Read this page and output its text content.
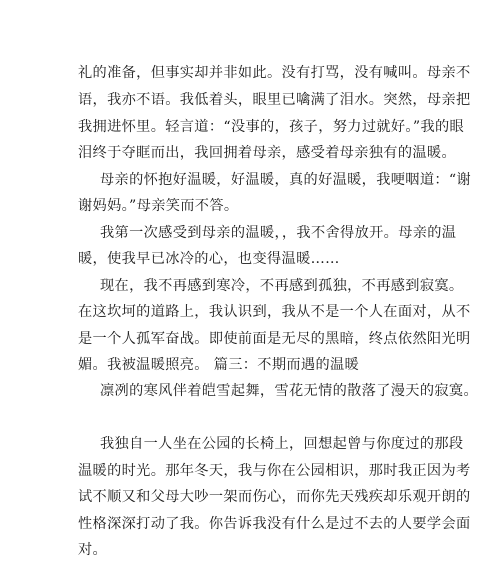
礼的准备，但事实却并非如此。没有打骂，没有喊叫。母亲不
语，我亦不语。我低着头，眼里已噙满了泪水。突然，母亲把
我拥进怀里。轻言道：“没事的，孩子，努力过就好。”我的眼
泪终于夺眶而出，我回拥着母亲，感受着母亲独有的温暖。
母亲的怀抱好温暖，好温暖，真的好温暖，我哽咽道：“谢
谢妈妈。”母亲笑而不答。
我第一次感受到母亲的温暖，，我不舍得放开。母亲的温
暖，使我早已冰冷的心，也变得温暖……
现在，我不再感到寒冷，不再感到孤独，不再感到寂寞。
在这坎坷的道路上，我认识到，我从不是一个人在面对，从不
是一个人孤军奋战。即使前面是无尽的黑暗，终点依然阳光明
媚。我被温暖照亮。 篇三：不期而遇的温暖
凛冽的寒风伴着皑雪起舞，雪花无情的散落了漫天的寂寞。
我独自一人坐在公园的长椅上，回想起曾与你度过的那段
温暖的时光。那年冬天，我与你在公园相识，那时我正因为考
试不顺又和父母大吵一架而伤心，而你先天残疾却乐观开朗的
性格深深打动了我。你告诉我没有什么是过不去的人要学会面
对。
